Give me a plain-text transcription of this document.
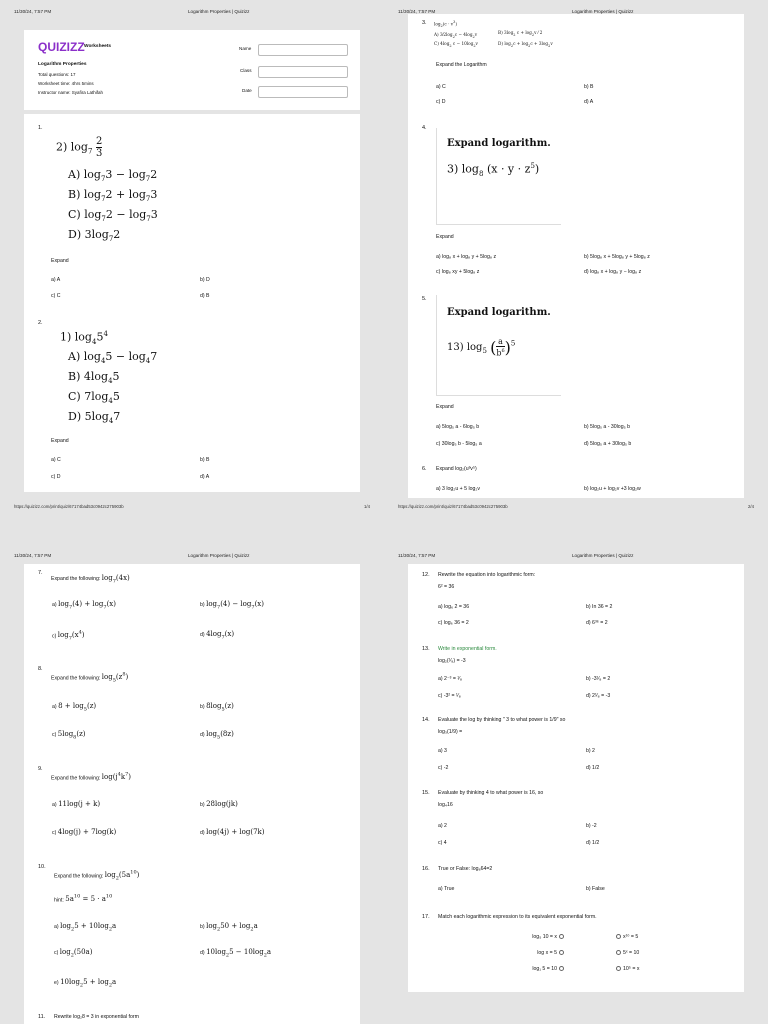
11/30/24, 7:57 PM	Logarithm Properties | Quizizz
QUIZIZZ Worksheets
Logarithm Properties
Total questions: 17
Worksheet time: 4hrs 5mins
Instructor name: Syafira Lathifah
Name
Class
Date
1.
2) $\log_7 \frac{2}{3}$
A) $\log_73 - \log_72$
B) $\log_72 + \log_73$
C) $\log_72 - \log_73$
D) $3\log_72$
Expand
a) A	b) D
c) C	d) B
2.
1) $\log_45^4$
A) $\log_45 - \log_47$
B) $4\log_45$
C) $7\log_45$
D) $5\log_47$
Expand
a) C	b) B
c) D	d) A
https://quizizz.com/print/quiz/67174bad53c0942c275903b	1/4
11/30/24, 7:57 PM	Logarithm Properties | Quizizz
3. $\log_2(c \cdot v^3)$
A) $3⁄2\log_2c - 4\log_2v$	B) $3\log_2$ $c + \log_2v$ ⁄ 2
C) $4\log_2$ $c - 10\log_2v$	D) $\log_2c + \log_2c + 3\log_2v$
Expand the Logarithm
a) C	b) B
c) D	d) A
4.
Expand logarithm.
3) $\log_8 (x \cdot y \cdot z^5)$
Expand
a) log₈ x + log₈ y + 5log₈ z	b) 5log₈ x + 5log₈ y + 5log₈ z
c) log₈ xy + 5log₈ z	d) log₈ x + log₈ y − log₈ z
5.
Expand logarithm.
13) $\log_5$ ( $\frac{a}{b^6} )^5$
Expand
a) 5log₅ a - 6log₅ b	b) 5log₅ a - 30log₅ b
c) 30log₅ b - 5log₅ a	d) 5log₅ a + 30log₅ b
6. Expand log₂(u³v⁵)
a) 3 log₂u + 5 log₂v	b) log₂u + log₂v +3 log₂w
https://quizizz.com/print/quiz/67174bad53c0942c275903b	2/4
11/30/24, 7:57 PM	Logarithm Properties | Quizizz
7.
Expand the following: $\log_7(4x)$
a) $\log_7(4) + \log_7(x)$	b) $\log_7(4) - \log_7(x)$
c) $\log_7(x^4)$	d) $4\log_7(x)$
8.
Expand the following: $\log_5(z^8)$
a) $8 + \log_5(z)$	b) $8\log_5(z)$
c) $5\log_8(z)$	d) $\log_5(8z)$
9.
Expand the following: $\log(j^4k^7)$
a) 11log(j + k)	b) 28log(jk)
c) 4log(j) + 7log(k)	d) log(4j) + log(7k)
10.
Expand the following: $\log_2(5a^{10})$
hint: $5a^{10} = 5 \cdot a^{10}$
a) $\log_25 + 10\log_2a$	b) $\log_250 + \log_2a$
c) $\log_2(50a)$	d) $10\log_25 - 10\log_2a$
e) $10\log_25 + \log_2a$
11. Rewrite log₂8 = 3 in exponential form
11/30/24, 7:57 PM	Logarithm Properties | Quizizz
12. Rewrite the equation into logarithmic form:
6² = 36
a) log₆ 2 = 36	b) In 36 = 2
c) log₆ 36 = 2	d) 6³⁶ = 2
13. Write in exponential form.
log₂(¹⁄₈) = -3
a) 2⁻³ = ¹⁄₈	b) -3¹⁄₈ = 2
c) -3² = ¹⁄₈	d) 2¹⁄₈ = -3
14. Evaluate the log by thinking " 3 to what power is 1/9" so
log₃(1/9) =
a) 3	b) 2
c) -2	d) 1/2
15. Evaluate by thinking 4 to what power is 16, so
log₄16
a) 2	b) -2
c) 4	d) 1/2
16. True or False: log₈64=2
a) True	b) False
17. Match each logarithmic expression to its equivalent exponential form.
log₅ 10 = x
log x = 5
log₁ 5 = 10
x¹⁰ = 5
5ˣ = 10
10⁵ = x
